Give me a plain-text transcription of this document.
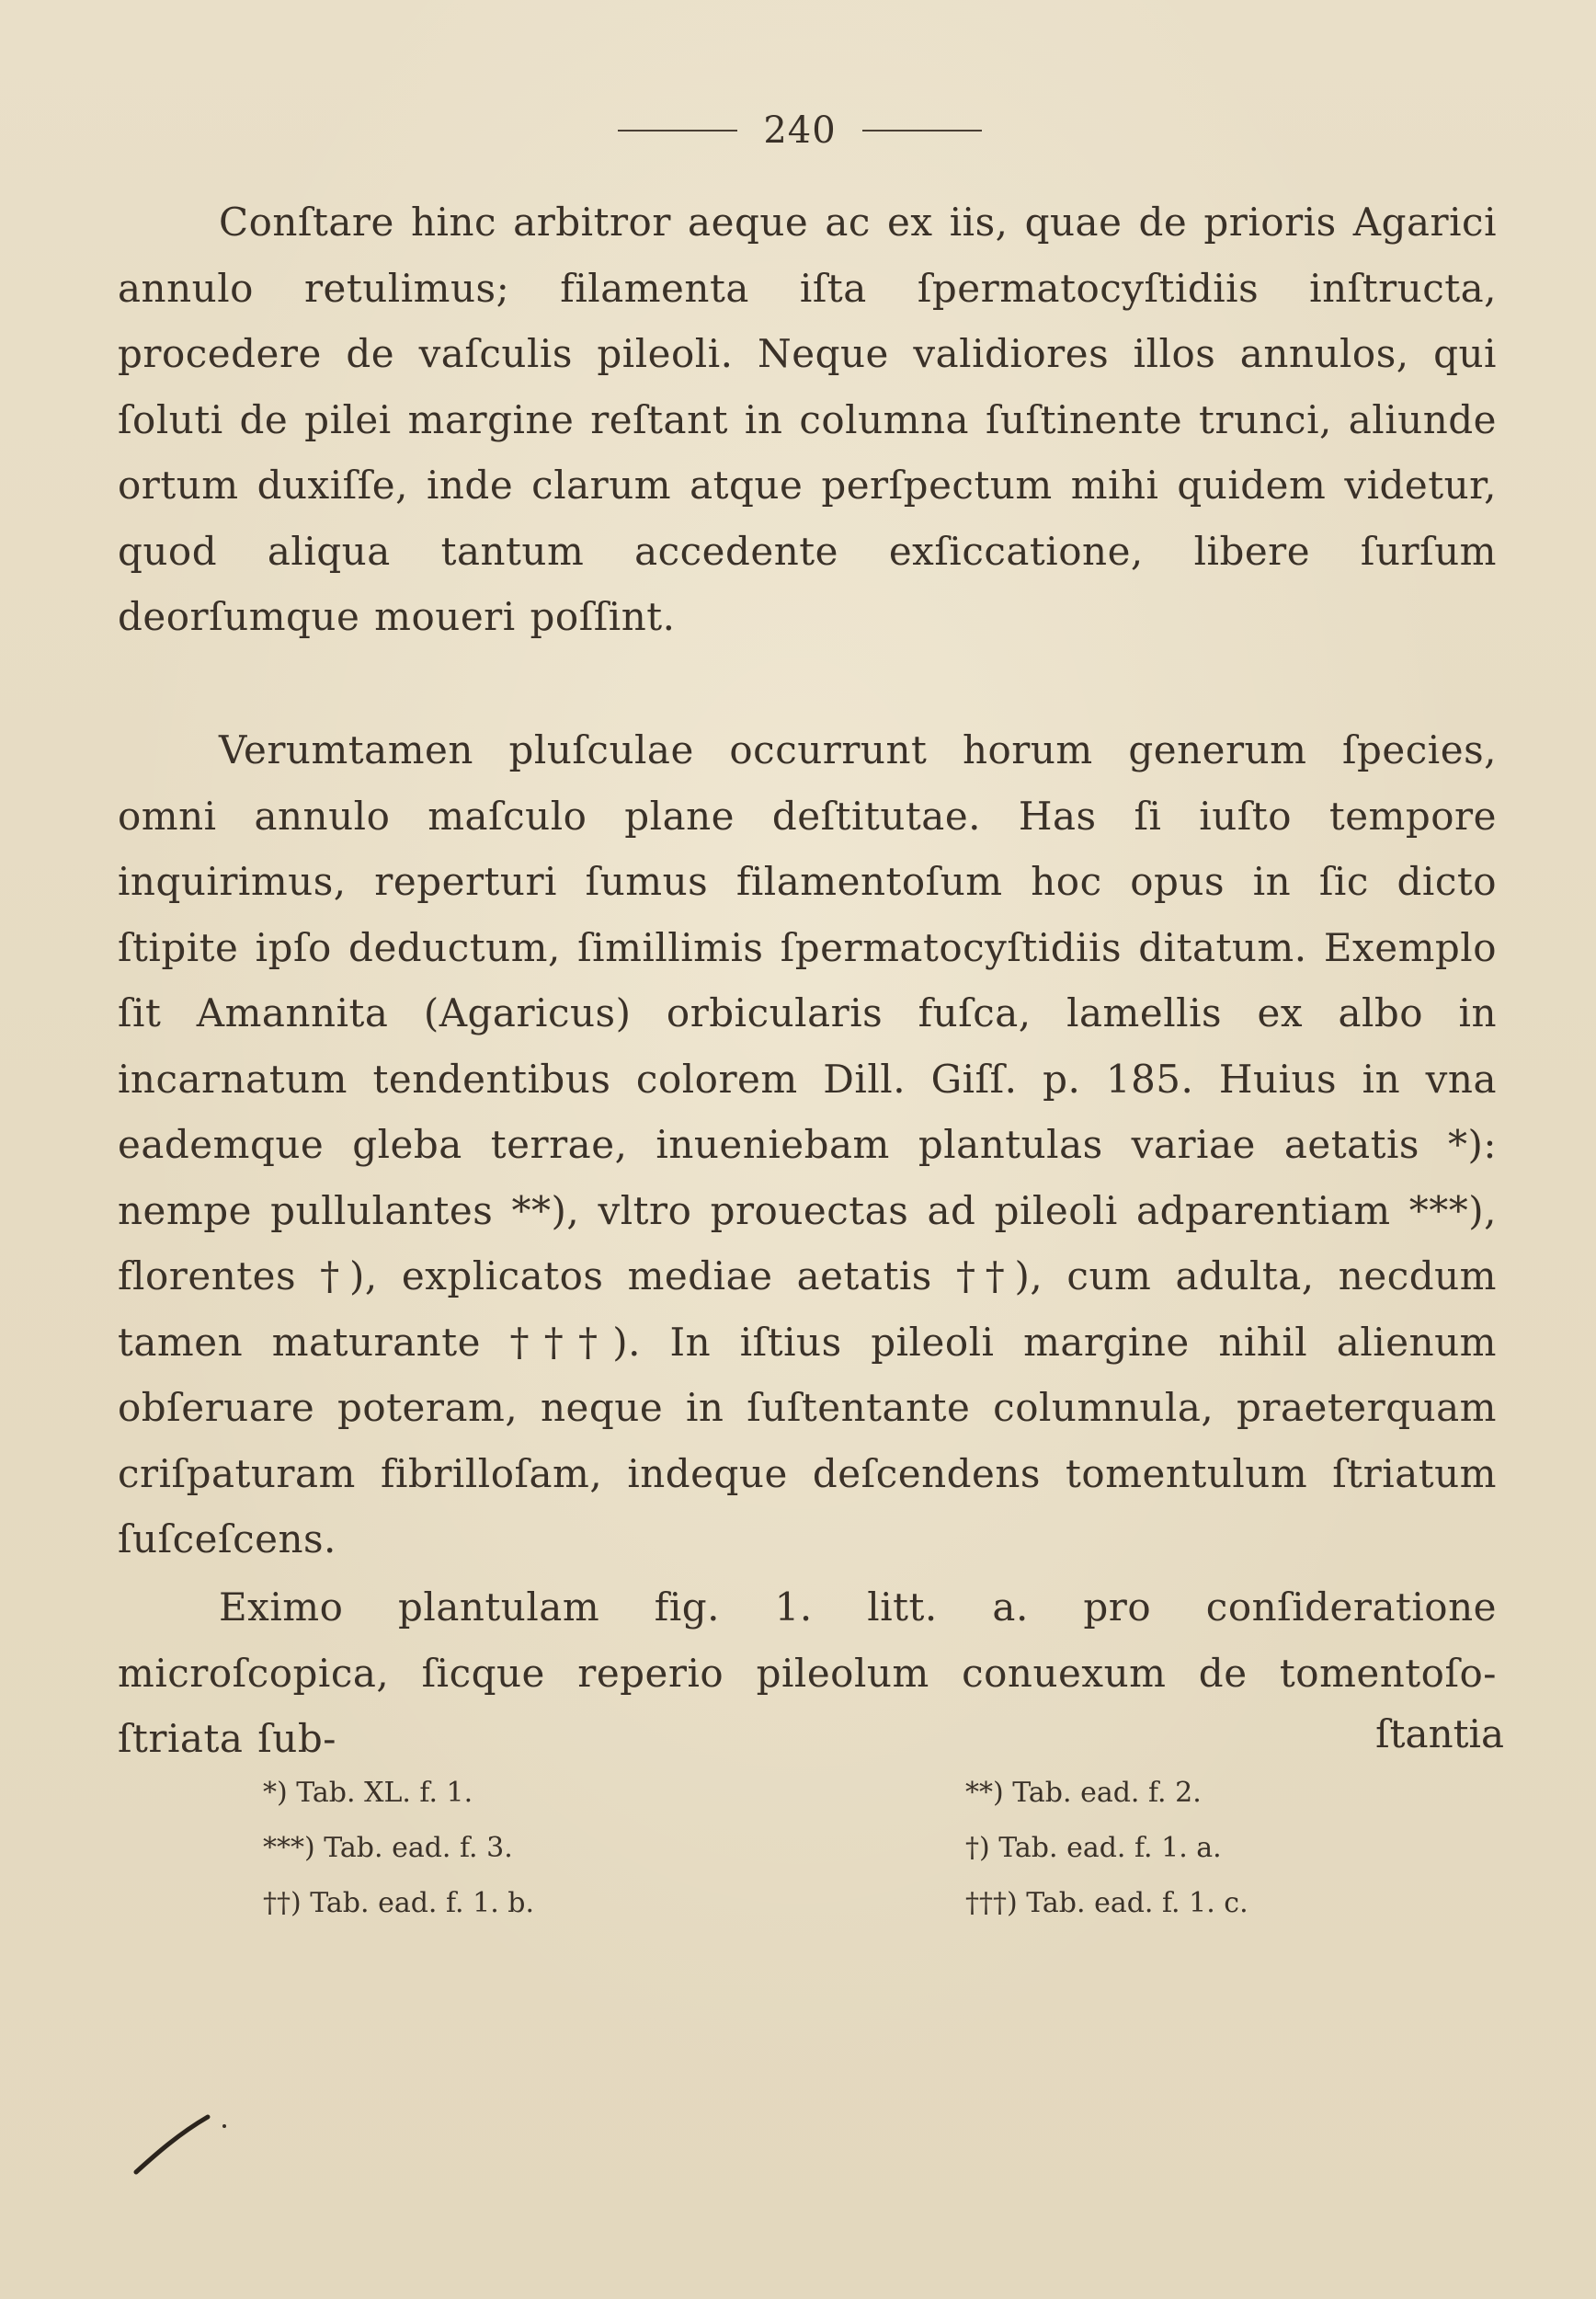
240

Conſtare hinc arbitror aeque ac ex iis, quae de prioris Agarici annulo retulimus; filamenta iſta ſpermatocyſtidiis inſtructa, procedere de vaſculis pileoli. Neque validiores illos annulos, qui ſoluti de pilei margine reſtant in columna ſuſtinente trunci, aliunde ortum duxiſſe, inde clarum atque perſpectum mihi quidem videtur, quod aliqua tantum accedente exſiccatione, libere ſurſum deorſumque moueri poſſint.

Verumtamen pluſculae occurrunt horum generum ſpecies, omni annulo maſculo plane deſtitutae. Has ſi iuſto tempore inquirimus, reperturi ſumus filamentoſum hoc opus in ſic dicto ſtipite ipſo deductum, ſimillimis ſpermatocyſtidiis ditatum. Exemplo ſit Amannita (Agaricus) orbicularis fuſca, lamellis ex albo in incarnatum tendentibus colorem Dill. Giſſ. p. 185. Huius in vna eademque gleba terrae, inueniebam plantulas variae aetatis *): nempe pullulantes **), vltro prouectas ad pileoli adparentiam ***), florentes †), explicatos mediae aetatis ††), cum adulta, necdum tamen maturante †††). In iſtius pileoli margine nihil alienum obſeruare poteram, neque in ſuſtentante columnula, praeterquam criſpaturam fibrilloſam, indeque deſcendens tomentulum ſtriatum ſuſceſcens.

Eximo plantulam fig. 1. litt. a. pro conſideratione microſcopica, ſicque reperio pileolum conuexum de tomentoſo-ſtriata ſub-	ſtantia
*) Tab. XL. f. 1.	**) Tab. ead. f. 2.
***) Tab. ead. f. 3.	†) Tab. ead. f. 1. a.
††) Tab. ead. f. 1. b.	†††) Tab. ead. f. 1. c.
